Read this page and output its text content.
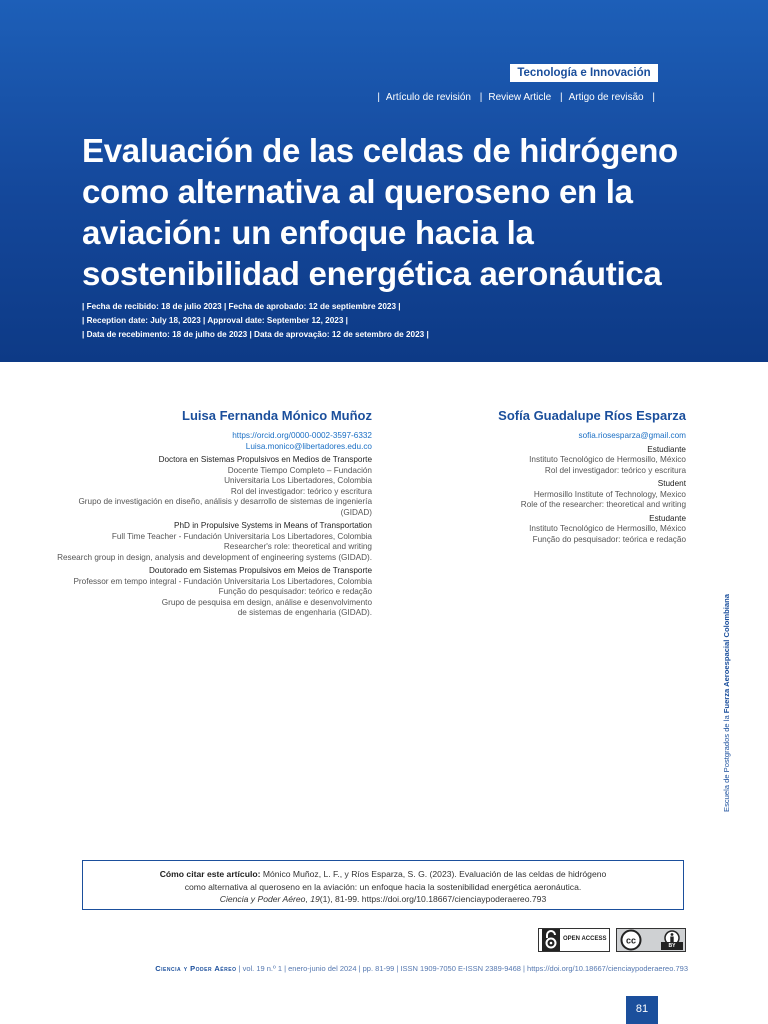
Tecnología e Innovación
| Artículo de revisión | Review Article | Artigo de revisão |
Evaluación de las celdas de hidrógeno como alternativa al queroseno en la aviación: un enfoque hacia la sostenibilidad energética aeronáutica
| Fecha de recibido: 18 de julio 2023 | Fecha de aprobado: 12 de septiembre 2023 |
| Reception date: July 18, 2023 | Approval date: September 12, 2023 |
| Data de recebimento: 18 de julho de 2023 | Data de aprovação: 12 de setembro de 2023 |
Luisa Fernanda Mónico Muñoz
https://orcid.org/0000-0002-3597-6332
Luisa.monico@libertadores.edu.co
Doctora en Sistemas Propulsivos en Medios de Transporte
Docente Tiempo Completo – Fundación
Universitaria Los Libertadores, Colombia
Rol del investigador: teórico y escritura
Grupo de investigación en diseño, análisis y desarrollo de sistemas de ingeniería (GIDAD)
PhD in Propulsive Systems in Means of Transportation
Full Time Teacher - Fundación Universitaria Los Libertadores, Colombia
Researcher's role: theoretical and writing
Research group in design, analysis and development of engineering systems (GIDAD).
Doutorado em Sistemas Propulsivos em Meios de Transporte
Professor em tempo integral - Fundación Universitaria Los Libertadores, Colombia
Função do pesquisador: teórico e redação
Grupo de pesquisa em design, análise e desenvolvimento
de sistemas de engenharia (GIDAD).
Sofía Guadalupe Ríos Esparza
sofia.riosesparza@gmail.com
Estudiante
Instituto Tecnológico de Hermosillo, México
Rol del investigador: teórico y escritura
Student
Hermosillo Institute of Technology, Mexico
Role of the researcher: theoretical and writing
Estudante
Instituto Tecnológico de Hermosillo, México
Função do pesquisador: teórica e redação
Escuela de Postgrados de la Fuerza Aeroespacial Colombiana
Cómo citar este artículo: Mónico Muñoz, L. F., y Ríos Esparza, S. G. (2023). Evaluación de las celdas de hidrógeno
como alternativa al queroseno en la aviación: un enfoque hacia la sostenibilidad energética aeronáutica.
Ciencia y Poder Aéreo, 19(1), 81-99. https://doi.org/10.18667/cienciaypoderaereo.793
OPEN ACCESS cc
BY
Ciencia y Poder Aéreo | vol. 19 n.º 1 | enero-junio del 2024 | pp. 81-99 | ISSN 1909-7050 E-ISSN 2389-9468 | https://doi.org/10.18667/cienciaypoderaereo.793
81
